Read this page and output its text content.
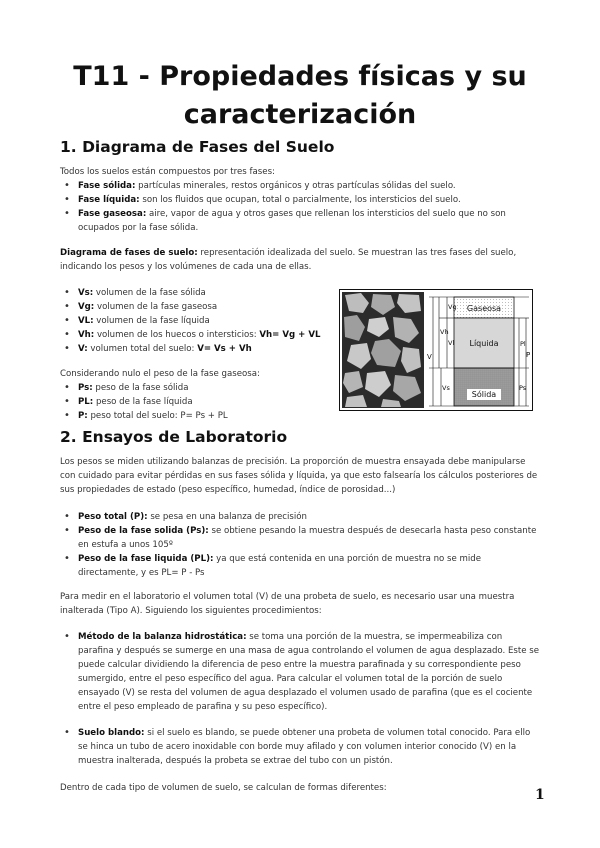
T11 - Propiedades físicas y su caracterización
1. Diagrama de Fases del Suelo
Todos los suelos están compuestos por tres fases:
• Fase sólida: partículas minerales, restos orgánicos y otras partículas sólidas del suelo.
• Fase líquida: son los fluidos que ocupan, total o parcialmente, los intersticios del suelo.
• Fase gaseosa: aire, vapor de agua y otros gases que rellenan los intersticios del suelo que no son ocupados por la fase sólida.
Diagrama de fases de suelo: representación idealizada del suelo. Se muestran las tres fases del suelo, indicando los pesos y los volúmenes de cada una de ellas.
• Vs: volumen de la fase sólida
• Vg: volumen de la fase gaseosa
• VL: volumen de la fase líquida
• Vh: volumen de los huecos o intersticios: Vh= Vg + VL
• V: volumen total del suelo: V= Vs + Vh
Considerando nulo el peso de la fase gaseosa:
• Ps: peso de la fase sólida
• PL: peso de la fase líquida
• P: peso total del suelo: P= Ps + PL
Gaseosa
Líquida
Sólida
Vg
Vh
Vl
V
Vs
Pl
P
Ps
2. Ensayos de Laboratorio
Los pesos se miden utilizando balanzas de precisión. La proporción de muestra ensayada debe manipularse con cuidado para evitar pérdidas en sus fases sólida y líquida, ya que esto falsearía los cálculos posteriores de sus propiedades de estado (peso específico, humedad, índice de porosidad...)
• Peso total (P): se pesa en una balanza de precisión
• Peso de la fase solida (Ps): se obtiene pesando la muestra después de desecarla hasta peso constante en estufa a unos 105º
• Peso de la fase liquida (PL): ya que está contenida en una porción de muestra no se mide directamente, y es PL= P - Ps
Para medir en el laboratorio el volumen total (V) de una probeta de suelo, es necesario usar una muestra inalterada (Tipo A). Siguiendo los siguientes procedimientos:
• Método de la balanza hidrostática: se toma una porción de la muestra, se impermeabiliza con parafina y después se sumerge en una masa de agua controlando el volumen de agua desplazado. Este se puede calcular dividiendo la diferencia de peso entre la muestra parafinada y su correspondiente peso sumergido, entre el peso específico del agua. Para calcular el volumen total de la porción de suelo ensayado (V) se resta del volumen de agua desplazado el volumen usado de parafina (que es el cociente entre el peso empleado de parafina y su peso específico).
• Suelo blando: si el suelo es blando, se puede obtener una probeta de volumen total conocido. Para ello se hinca un tubo de acero inoxidable con borde muy afilado y con volumen interior conocido (V) en la muestra inalterada, después la probeta se extrae del tubo con un pistón.
Dentro de cada tipo de volumen de suelo, se calculan de formas diferentes:	1
